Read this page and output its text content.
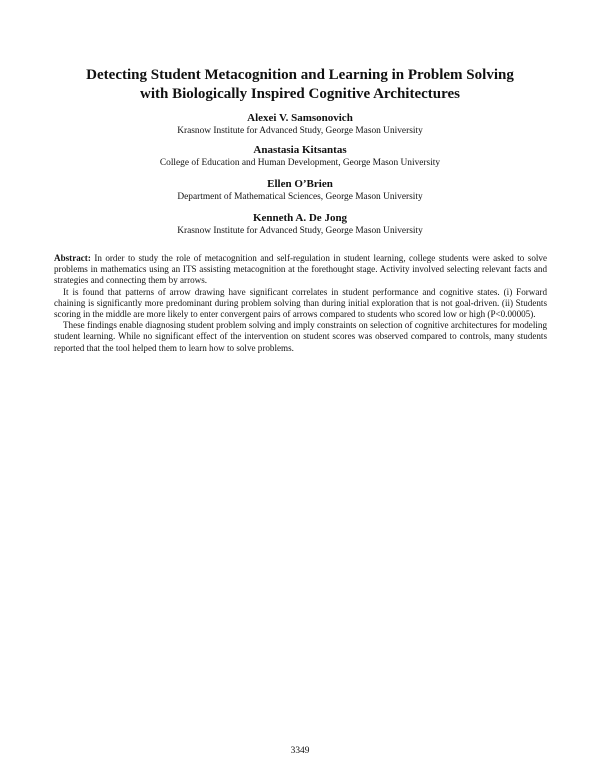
Detecting Student Metacognition and Learning in Problem Solving
with Biologically Inspired Cognitive Architectures
Alexei V. Samsonovich
Krasnow Institute for Advanced Study, George Mason University
Anastasia Kitsantas
College of Education and Human Development, George Mason University
Ellen O’Brien
Department of Mathematical Sciences, George Mason University
Kenneth A. De Jong
Krasnow Institute for Advanced Study, George Mason University

Abstract: In order to study the role of metacognition and self-regulation in student learning, college students were asked to solve problems in mathematics using an ITS assisting metacognition at the forethought stage. Activity involved selecting relevant facts and strategies and connecting them by arrows.

It is found that patterns of arrow drawing have significant correlates in student performance and cognitive states. (i) Forward chaining is significantly more predominant during problem solving than during initial exploration that is not goal-driven. (ii) Students scoring in the middle are more likely to enter convergent pairs of arrows compared to students who scored low or high (P<0.00005).

These findings enable diagnosing student problem solving and imply constraints on selection of cognitive architectures for modeling student learning. While no significant effect of the intervention on student scores was observed compared to controls, many students reported that the tool helped them to learn how to solve problems.

3349
